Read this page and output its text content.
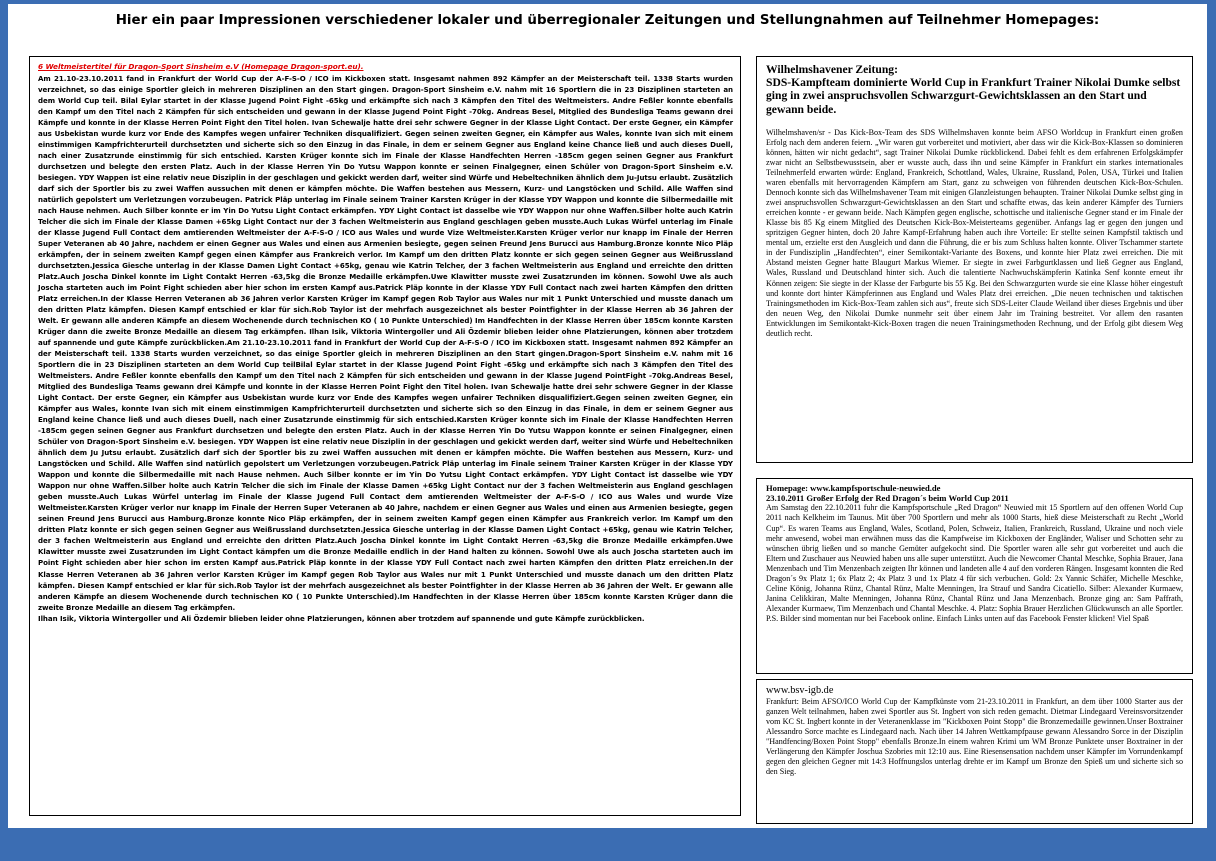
Hier ein paar Impressionen verschiedener lokaler und überregionaler Zeitungen und Stellungnahmen auf Teilnehmer Homepages:
6 Weltmeistertitel für Dragon-Sport Sinsheim e.V (Homepage Dragon-sport.eu).
Am 21.10-23.10.2011 fand in Frankfurt der World Cup der A-F-S-O / ICO im Kickboxen statt. Insgesamt nahmen 892 Kämpfer an der Meisterschaft teil. 1338 Starts wurden verzeichnet, so das einige Sportler gleich in mehreren Disziplinen an den Start gingen. Dragon-Sport Sinsheim e.V. nahm mit 16 Sportlern die in 23 Disziplinen starteten an dem World Cup teil. Bilal Eylar startet in der Klasse Jugend Point Fight -65kg und erkämpfte sich nach 3 Kämpfen den Titel des Weltmeisters. Andre Feßler konnte ebenfalls den Kampf um den Titel nach 2 Kämpfen für sich entscheiden und gewann in der Klasse Jugend Point Fight -70kg. Andreas Besel, Mitglied des Bundesliga Teams gewann drei Kämpfe und konnte in der Klasse Herren Point Fight den Titel holen. Ivan Schewalje hatte drei sehr schwere Gegner in der Klasse Light Contact. Der erste Gegner, ein Kämpfer aus Usbekistan wurde kurz vor Ende des Kampfes wegen unfairer Techniken disqualifiziert. Gegen seinen zweiten Gegner, ein Kämpfer aus Wales, konnte Ivan sich mit einem einstimmigen Kampfrichterurteil durchsetzten und sicherte sich so den Einzug in das Finale, in dem er seinem Gegner aus England keine Chance ließ und auch dieses Duell, nach einer Zusatzrunde einstimmig für sich entschied. Karsten Krüger konnte sich im Finale der Klasse Handfechten Herren -185cm gegen seinen Gegner aus Frankfurt durchsetzen und belegte den ersten Platz. Auch in der Klasse Herren Yin Do Yutsu Wappon konnte er seinen Finalgegner, einen Schüler von Dragon-Sport Sinsheim e.V. besiegen. YDY Wappen ist eine relativ neue Disziplin in der geschlagen und gekickt werden darf, weiter sind Würfe und Hebeltechniken ähnlich dem Ju-Jutsu erlaubt. Zusätzlich darf sich der Sportler bis zu zwei Waffen aussuchen mit denen er kämpfen möchte. Die Waffen bestehen aus Messern, Kurz- und Langstöcken und Schild. Alle Waffen sind natürlich gepolstert um Verletzungen vorzubeugen. Patrick Pläp unterlag im Finale seinem Trainer Karsten Krüger in der Klasse YDY Wappon und konnte die Silbermedaille mit nach Hause nehmen. Auch Silber konnte er im Yin Do Yutsu Light Contact erkämpfen. YDY Light Contact ist dasselbe wie YDY Wappon nur ohne Waffen.Silber holte auch Katrin Telcher die sich im Finale der Klasse Damen +65kg Light Contact nur der 3 fachen Weltmeisterin aus England geschlagen geben musste.Auch Lukas Würfel unterlag im Finale der Klasse Jugend Full Contact dem amtierenden Weltmeister der A-F-S-O / ICO aus Wales und wurde Vize Weltmeister.Karsten Krüger verlor nur knapp im Finale der Herren Super Veteranen ab 40 Jahre, nachdem er einen Gegner aus Wales und einen aus Armenien besiegte, gegen seinen Freund Jens Burucci aus Hamburg.Bronze konnte Nico Pläp erkämpfen, der in seinem zweiten Kampf gegen einen Kämpfer aus Frankreich verlor. Im Kampf um den dritten Platz konnte er sich gegen seinen Gegner aus Weißrussland durchsetzten.Jessica Giesche unterlag in der Klasse Damen Light Contact +65kg, genau wie Katrin Telcher, der 3 fachen Weltmeisterin aus England und erreichte den dritten Platz.Auch Joscha Dinkel konnte im Light Contakt Herren -63,5kg die Bronze Medaille erkämpfen.Uwe Klawitter musste zwei Zusatzrunden im können. Sowohl Uwe als auch Joscha starteten auch im Point Fight schieden aber hier schon im ersten Kampf aus.Patrick Pläp konnte in der Klasse YDY Full Contact nach zwei harten Kämpfen den dritten Platz erreichen.In der Klasse Herren Veteranen ab 36 Jahren verlor Karsten Krüger im Kampf gegen Rob Taylor aus Wales nur mit 1 Punkt Unterschied und musste danach um den dritten Platz kämpfen. Diesen Kampf entschied er klar für sich.Rob Taylor ist der mehrfach ausgezeichnet als bester Pointfighter in der Klasse Herren ab 36 Jahren der Welt. Er gewann alle anderen Kämpfe an diesem Wochenende durch technischen KO ( 10 Punkte Unterschied) Im Handfechten in der Klasse Herren über 185cm konnte Karsten Krüger dann die zweite Bronze Medaille an diesem Tag erkämpfen. Ilhan Isik, Viktoria Wintergoller und Ali Özdemir blieben leider ohne Platzierungen, können aber trotzdem auf spannende und gute Kämpfe zurückblicken.Am 21.10-23.10.2011 fand in Frankfurt der World Cup der A-F-S-O / ICO im Kickboxen statt. Insgesamt nahmen 892 Kämpfer an der Meisterschaft teil. 1338 Starts wurden verzeichnet, so das einige Sportler gleich in mehreren Disziplinen an den Start gingen.Dragon-Sport Sinsheim e.V. nahm mit 16 Sportlern die in 23 Disziplinen starteten an dem World Cup teilBilal Eylar startet in der Klasse Jugend Point Fight -65kg und erkämpfte sich nach 3 Kämpfen den Titel des Weltmeisters. Andre Feßler konnte ebenfalls den Kampf um den Titel nach 2 Kämpfen für sich entscheiden und gewann in der Klasse Jugend PointFight -70kg.Andreas Besel, Mitglied des Bundesliga Teams gewann drei Kämpfe und konnte in der Klasse Herren Point Fight den Titel holen. Ivan Schewalje hatte drei sehr schwere Gegner in der Klasse Light Contact. Der erste Gegner, ein Kämpfer aus Usbekistan wurde kurz vor Ende des Kampfes wegen unfairer Techniken disqualifiziert.Gegen seinen zweiten Gegner, ein Kämpfer aus Wales, konnte Ivan sich mit einem einstimmigen Kampfrichterurteil durchsetzten und sicherte sich so den Einzug in das Finale, in dem er seinem Gegner aus England keine Chance ließ und auch dieses Duell, nach einer Zusatzrunde einstimmig für sich entschied.Karsten Krüger konnte sich im Finale der Klasse Handfechten Herren -185cm gegen seinen Gegner aus Frankfurt durchsetzen und belegte den ersten Platz. Auch in der Klasse Herren Yin Do Yutsu Wappon konnte er seinen Finalgegner, einen Schüler von Dragon-Sport Sinsheim e.V. besiegen. YDY Wappen ist eine relativ neue Disziplin in der geschlagen und gekickt werden darf, weiter sind Würfe und Hebeltechniken ähnlich dem Ju Jutsu erlaubt. Zusätzlich darf sich der Sportler bis zu zwei Waffen aussuchen mit denen er kämpfen möchte. Die Waffen bestehen aus Messern, Kurz- und Langstöcken und Schild. Alle Waffen sind natürlich gepolstert um Verletzungen vorzubeugen.Patrick Pläp unterlag im Finale seinem Trainer Karsten Krüger in der Klasse YDY Wappon und konnte die Silbermedaille mit nach Hause nehmen. Auch Silber konnte er im Yin Do Yutsu Light Contact erkämpfen. YDY Light Contact ist dasselbe wie YDY Wappon nur ohne Waffen.Silber holte auch Katrin Telcher die sich im Finale der Klasse Damen +65kg Light Contact nur der 3 fachen Weltmeisterin aus England geschlagen geben musste.Auch Lukas Würfel unterlag im Finale der Klasse Jugend Full Contact dem amtierenden Weltmeister der A-F-S-O / ICO aus Wales und wurde Vize Weltmeister.Karsten Krüger verlor nur knapp im Finale der Herren Super Veteranen ab 40 Jahre, nachdem er einen Gegner aus Wales und einen aus Armenien besiegte, gegen seinen Freund Jens Burucci aus Hamburg.Bronze konnte Nico Pläp erkämpfen, der in seinem zweiten Kampf gegen einen Kämpfer aus Frankreich verlor. Im Kampf um den dritten Platz konnte er sich gegen seinen Gegner aus Weißrussland durchsetzten.Jessica Giesche unterlag in der Klasse Damen Light Contact +65kg, genau wie Katrin Telcher, der 3 fachen Weltmeisterin aus England und erreichte den dritten Platz.Auch Joscha Dinkel konnte im Light Contakt Herren -63,5kg die Bronze Medaille erkämpfen.Uwe Klawitter musste zwei Zusatzrunden im Light Contact kämpfen um die Bronze Medaille endlich in der Hand halten zu können. Sowohl Uwe als auch Joscha starteten auch im Point Fight schieden aber hier schon im ersten Kampf aus.Patrick Pläp konnte in der Klasse YDY Full Contact nach zwei harten Kämpfen den dritten Platz erreichen.In der Klasse Herren Veteranen ab 36 Jahren verlor Karsten Krüger im Kampf gegen Rob Taylor aus Wales nur mit 1 Punkt Unterschied und musste danach um den dritten Platz kämpfen. Diesen Kampf entschied er klar für sich.Rob Taylor ist der mehrfach ausgezeichnet als bester Pointfighter in der Klasse Herren ab 36 Jahren der Welt. Er gewann alle anderen Kämpfe an diesem Wochenende durch technischen KO ( 10 Punkte Unterschied).Im Handfechten in der Klasse Herren über 185cm konnte Karsten Krüger dann die zweite Bronze Medaille an diesem Tag erkämpfen.
Ilhan Isik, Viktoria Wintergoller und Ali Özdemir blieben leider ohne Platzierungen, können aber trotzdem auf spannende und gute Kämpfe zurückblicken.
Wilhelmshavener Zeitung:
SDS-Kampfteam dominierte World Cup in Frankfurt Trainer Nikolai Dumke selbst ging in zwei anspruchsvollen Schwarzgurt-Gewichtsklassen an den Start und gewann beide.
Wilhelmshaven/sr - Das Kick-Box-Team des SDS Wilhelmshaven konnte beim AFSO Worldcup in Frankfurt einen großen Erfolg nach dem anderen feiern. „Wir waren gut vorbereitet und motiviert, aber dass wir die Kick-Box-Klassen so dominieren können, hätten wir nicht gedacht“, sagt Trainer Nikolai Dumke rückblickend. Dabei fehlt es dem erfahrenen Erfolgskämpfer zwar nicht an Selbstbewusstsein, aber er wusste auch, dass ihn und seine Kämpfer in Frankfurt ein starkes internationales Teilnehmerfeld erwarten würde: England, Frankreich, Schottland, Wales, Ukraine, Russland, Polen, USA, Türkei und Italien waren ebenfalls mit hervorragenden Kämpfern am Start, ganz zu schweigen von führenden deutschen Kick-Box-Schulen. Dennoch konnte sich das Wilhelmshavener Team mit einigen Glanzleistungen behaupten. Trainer Nikolai Dumke selbst ging in zwei anspruchsvollen Schwarzgurt-Gewichtsklassen an den Start und schaffte etwas, das kein anderer Kämpfer des Turniers erreichen konnte - er gewann beide. Nach Kämpfen gegen englische, schottische und italienische Gegner stand er im Finale der Klasse bis 85 Kg einem Mitglied des Deutschen Kick-Box-Meisterteams gegenüber. Anfangs lag er gegen den jungen und spritzigen Gegner hinten, doch 20 Jahre Kampf-Erfahrung haben auch ihre Vorteile: Er stellte seinen Kampfstil taktisch und mental um, erzielte erst den Ausgleich und dann die Führung, die er bis zum Schluss halten konnte. Oliver Tschammer startete in der Fundisziplin „Handfechten“, einer Semikontakt-Variante des Boxens, und konnte hier Platz zwei erreichen. Die mit Abstand meisten Gegner hatte Blaugurt Markus Wiemer. Er siegte in zwei Farbgurtklassen und ließ Gegner aus England, Wales, Russland und Deutschland hinter sich. Auch die talentierte Nachwuchskämpferin Katinka Senf konnte erneut ihr Können zeigen: Sie siegte in der Klasse der Farbgurte bis 55 Kg. Bei den Schwarzgurten wurde sie eine Klasse höher eingestuft und konnte dort hinter Kämpferinnen aus England und Wales Platz drei erreichen. „Die neuen technischen und taktischen Trainingsmethoden im Kick-Box-Team zahlen sich aus“, freute sich SDS-Leiter Claude Weiland über dieses Ergebnis und über den neuen Weg, den Nikolai Dumke nunmehr seit über einem Jahr im Training bestreitet. Vor allem den rasanten Entwicklungen im Semikontakt-Kick-Boxen tragen die neuen Trainingsmethoden Rechnung, und der Erfolg gibt diesem Weg deutlich recht.
Homepage: www.kampfsportschule-neuwied.de
23.10.2011 Großer Erfolg der Red Dragon´s beim World Cup 2011
Am Samstag den 22.10.2011 fuhr die Kampfsportschule „Red Dragon“ Neuwied mit 15 Sportlern auf den offenen World Cup 2011 nach Kelkheim im Taunus. Mit über 700 Sportlern und mehr als 1000 Starts, hieß diese Meisterschaft zu Recht „World Cup“. Es waren Teams aus England, Wales, Scotland, Polen, Schweiz, Italien, Frankreich, Russland, Ukraine und noch viele mehr anwesend, wobei man erwähnen muss das die Kampfweise im Kickboxen der Engländer, Waliser und Schotten sehr zu wünschen übrig ließen und so manche Gemüter aufgekocht sind. Die Sportler waren alle sehr gut vorbereitet und auch die Eltern und Zuschauer aus Neuwied haben uns alle super unterstützt. Auch die Newcomer Chantal Meschke, Sophia Brauer, Jana Menzenbach und Tim Menzenbach zeigten Ihr können und landeten alle 4 auf den vorderen Rängen. Insgesamt konnten die Red Dragon´s 9x Platz 1; 6x Platz 2; 4x Platz 3 und 1x Platz 4 für sich verbuchen. Gold: 2x Yannic Schäfer, Michelle Meschke, Celine König, Johanna Rünz, Chantal Rünz, Malte Menningen, Ira Strauf und Sandra Cicatiello. Silber: Alexander Kurmaew, Janina Celikkiran, Malte Menningen, Johanna Rünz, Chantal Rünz und Jana Menzenbach. Bronze ging an: Sam Paffrath, Alexander Kurmaew, Tim Menzenbach und Chantal Meschke. 4. Platz: Sophia Brauer Herzlichen Glückwunsch an alle Sportler. P.S. Bilder sind momentan nur bei Facebook online. Einfach Links unten auf das Facebook Fenster klicken! Viel Spaß
www.bsv-igb.de
Frankfurt: Beim AFSO/ICO World Cup der Kampfkünste vom 21-23.10.2011 in Frankfurt, an dem über 1000 Starter aus der ganzen Welt teilnahmen, haben zwei Sportler aus St. Ingbert von sich reden gemacht. Dietmar Lindegaard Vereinsvorsitzender vom KC St. Ingbert konnte in der Veteranenklasse im "Kickboxen Point Stopp" die Bronzemedaille gewinnen.Unser Boxtrainer Alessandro Sorce machte es Lindegaard nach. Nach über 14 Jahren Wettkampfpause gewann Alessandro Sorce in der Disziplin "Handfencing/Boxen Point Stopp" ebenfalls Bronze.In einem wahren Krimi um WM Bronze Punktete unser Boxtrainer in der Verlängerung den Kämpfer Joschua Szobries mit 12:10 aus. Eine Riesensensation nachdem unser Kämpfer im Vorrundenkampf gegen den gleichen Gegner mit 14:3 Hoffnungslos unterlag drehte er im Kampf um Bronze den Spieß um und sicherte sich so den Sieg.
